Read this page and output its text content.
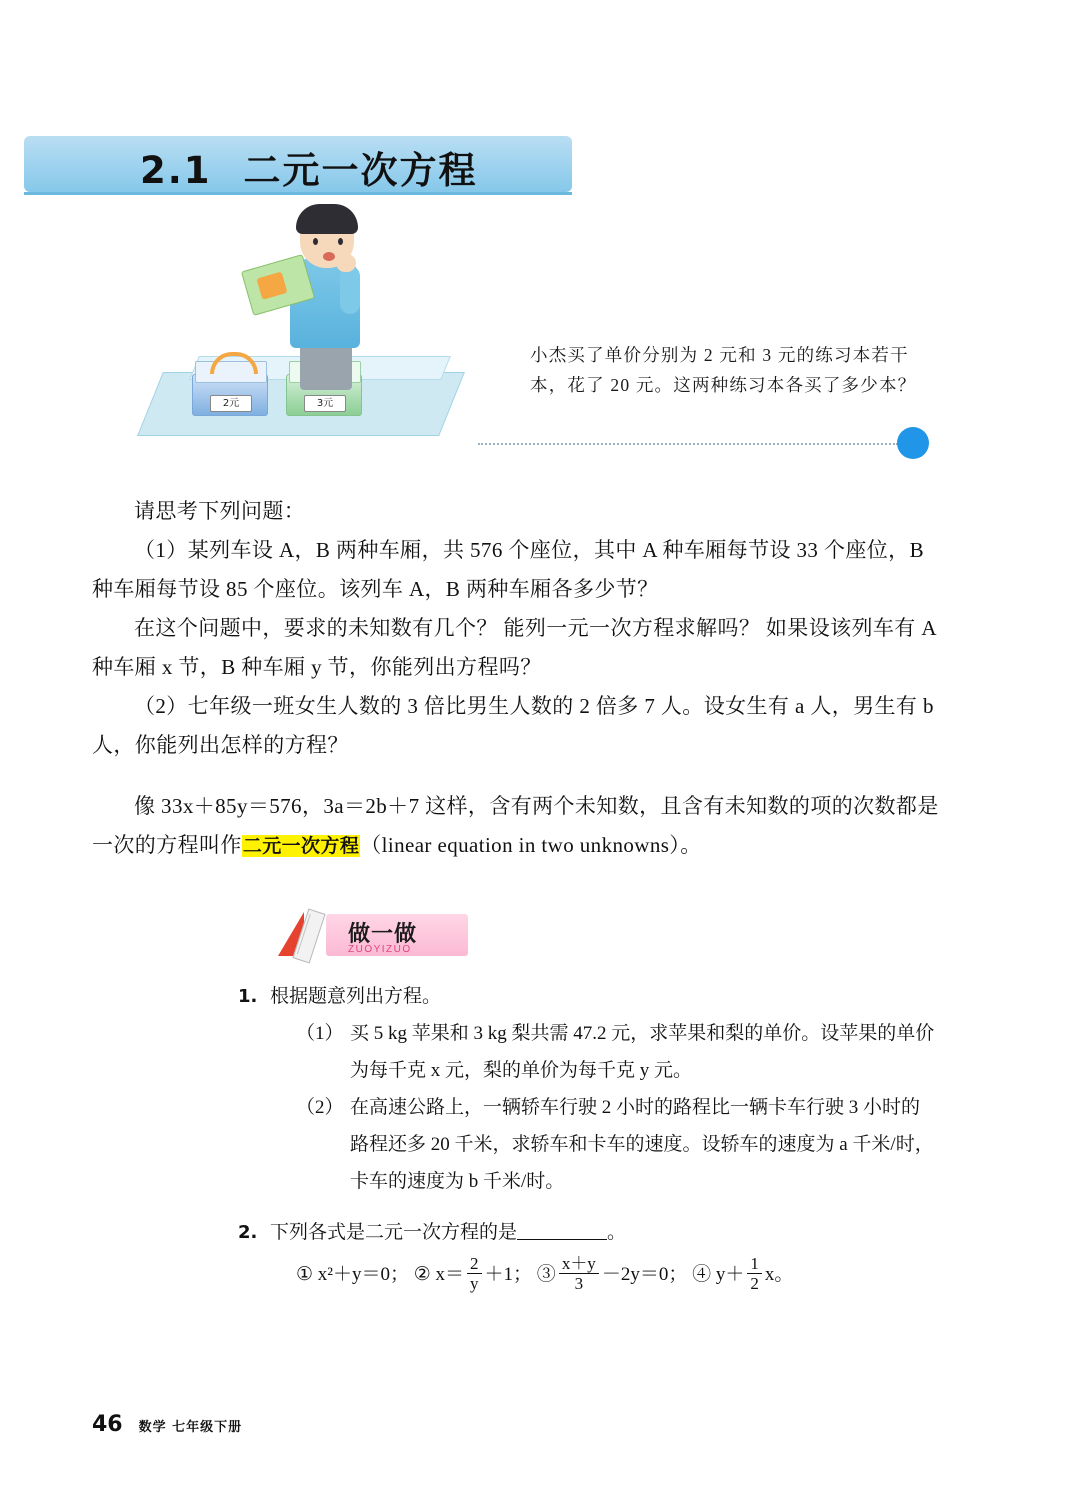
2.1 二元一次方程
2元	3元
小杰买了单价分别为 2 元和 3 元的练习本若干本，花了 20 元。这两种练习本各买了多少本？

请思考下列问题：

（1）某列车设 A，B 两种车厢，共 576 个座位，其中 A 种车厢每节设 33 个座位，B 种车厢每节设 85 个座位。该列车 A，B 两种车厢各多少节？

在这个问题中，要求的未知数有几个？ 能列一元一次方程求解吗？ 如果设该列车有 A 种车厢 x 节，B 种车厢 y 节，你能列出方程吗？

（2）七年级一班女生人数的 3 倍比男生人数的 2 倍多 7 人。设女生有 a 人，男生有 b 人，你能列出怎样的方程？

像 33x＋85y＝576，3a＝2b＋7 这样，含有两个未知数，且含有未知数的项的次数都是一次的方程叫作二元一次方程（linear equation in two unknowns）。

做一做
ZUOYIZUO
1. 根据题意列出方程。
（1） 买 5 kg 苹果和 3 kg 梨共需 47.2 元，求苹果和梨的单价。设苹果的单价为每千克 x 元，梨的单价为每千克 y 元。
（2） 在高速公路上，一辆轿车行驶 2 小时的路程比一辆卡车行驶 3 小时的路程还多 20 千米，求轿车和卡车的速度。设轿车的速度为 a 千米/时，卡车的速度为 b 千米/时。
2. 下列各式是二元一次方程的是	。
① x²＋y＝0； ② $x= \frac{2}{y} +1$； ③ $\frac{x+y}{3} -2y=0$； ④ $y+ \frac{1}{2}$ x。
46 数学 七年级下册
